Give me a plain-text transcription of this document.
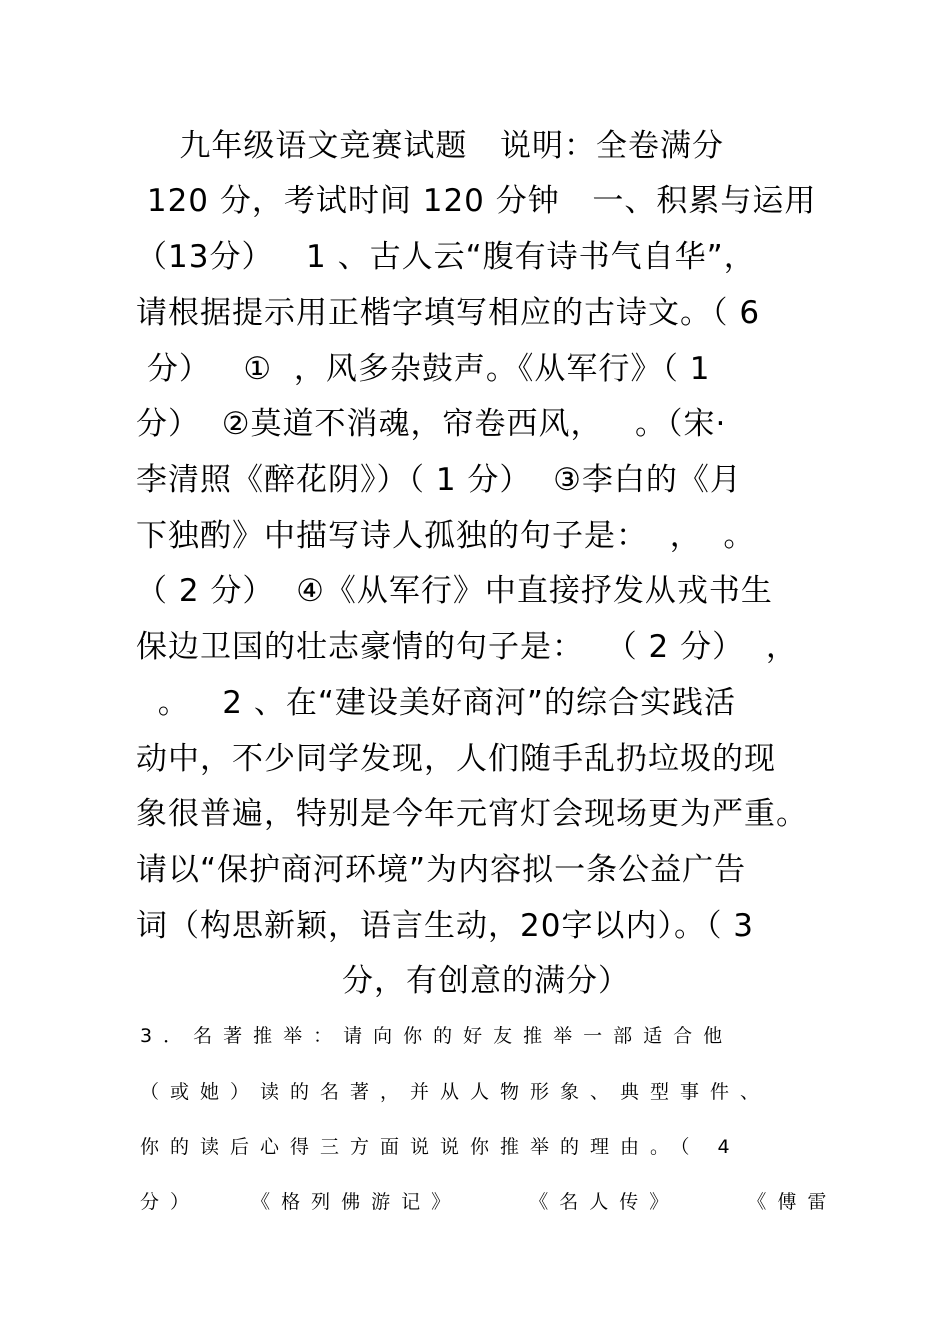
九年级语文竞赛试题   说明：全卷满分
120 分，考试时间 120 分钟   一、积累与运用
（13分）   1 、古人云“腹有诗书气自华”，
请根据提示用正楷字填写相应的古诗文。（ 6
分）   ①  ，风多杂鼓声。《从军行》（ 1
分）  ②莫道不消魂，帘卷西风，   。（宋·
李清照《醉花阴》）（ 1 分）  ③李白的《月
下独酌》中描写诗人孤独的句子是：  ，  。
（ 2 分）  ④《从军行》中直接抒发从戎书生
保边卫国的壮志豪情的句子是：  （ 2 分）  ，
。   2 、在“建设美好商河”的综合实践活
动中，不少同学发现，人们随手乱扔垃圾的现
象很普遍，特别是今年元宵灯会现场更为严重。
请以“保护商河环境”为内容拟一条公益广告
词（构思新颖，语言生动，20字以内）。（ 3
分，有创意的满分）
3．名著推举：请向你的好友推举一部适合他
（或她）读的名著，并从人物形象、典型事件、
你的读后心得三方面说说你推举的理由。（ 4
分）   《格列佛游记》    《名人传》    《傅雷
